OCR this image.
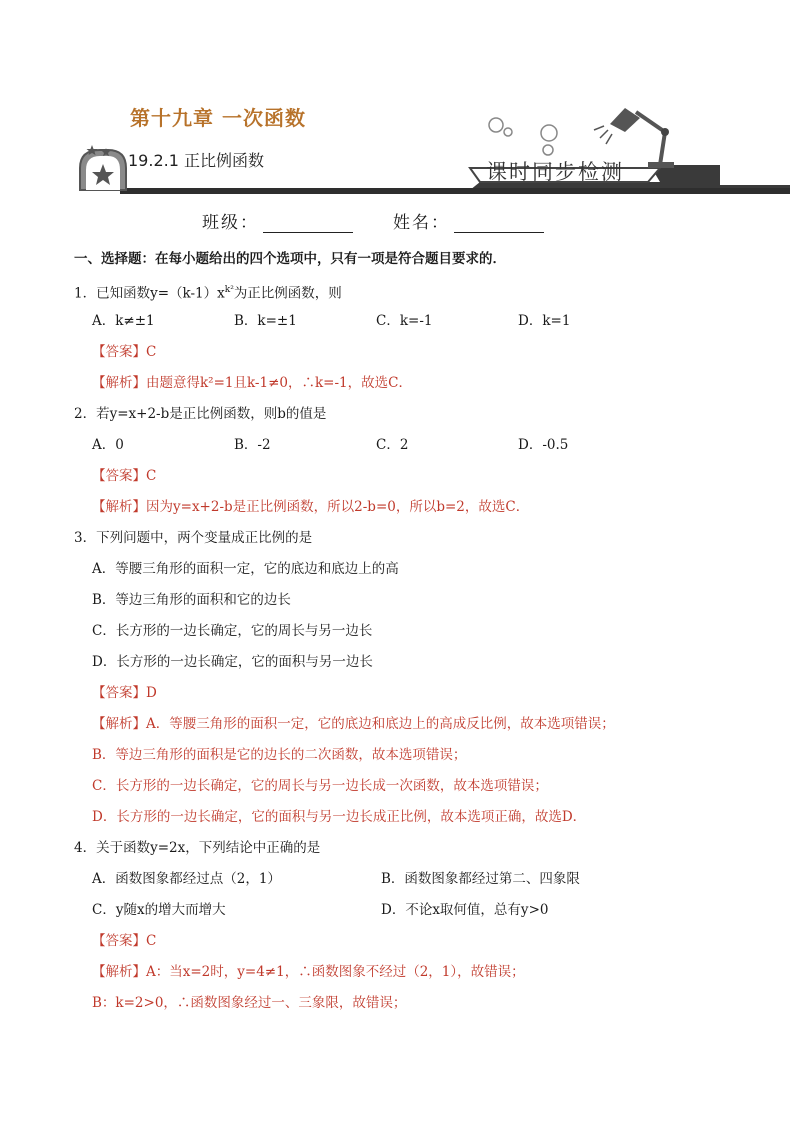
第十九章 一次函数
19.2.1 正比例函数	课时同步检测
班级：	姓名：
一、选择题：在每小题给出的四个选项中，只有一项是符合题目要求的．
1．已知函数$y=(k-1)x^{k^2}$为正比例函数，则
A．k≠±1	B．k=±1	C．k=-1	D．k=1
【答案】C
【解析】由题意得k²=1且k-1≠0，∴k=-1，故选C．
2．若y=x+2-b是正比例函数，则b的值是
A．0	B．-2	C．2	D．-0.5
【答案】C
【解析】因为y=x+2-b是正比例函数，所以2-b=0，所以b=2，故选C．
3．下列问题中，两个变量成正比例的是
A．等腰三角形的面积一定，它的底边和底边上的高
B．等边三角形的面积和它的边长
C．长方形的一边长确定，它的周长与另一边长
D．长方形的一边长确定，它的面积与另一边长
【答案】D
【解析】A．等腰三角形的面积一定，它的底边和底边上的高成反比例，故本选项错误；
B．等边三角形的面积是它的边长的二次函数，故本选项错误；
C．长方形的一边长确定，它的周长与另一边长成一次函数，故本选项错误；
D．长方形的一边长确定，它的面积与另一边长成正比例，故本选项正确，故选D．
4．关于函数y=2x，下列结论中正确的是
A．函数图象都经过点（2，1）	B．函数图象都经过第二、四象限
C．y随x的增大而增大	D．不论x取何值，总有y>0
【答案】C
【解析】A：当x=2时，y=4≠1，∴函数图象不经过（2，1），故错误；
B：k=2>0，∴函数图象经过一、三象限，故错误；
